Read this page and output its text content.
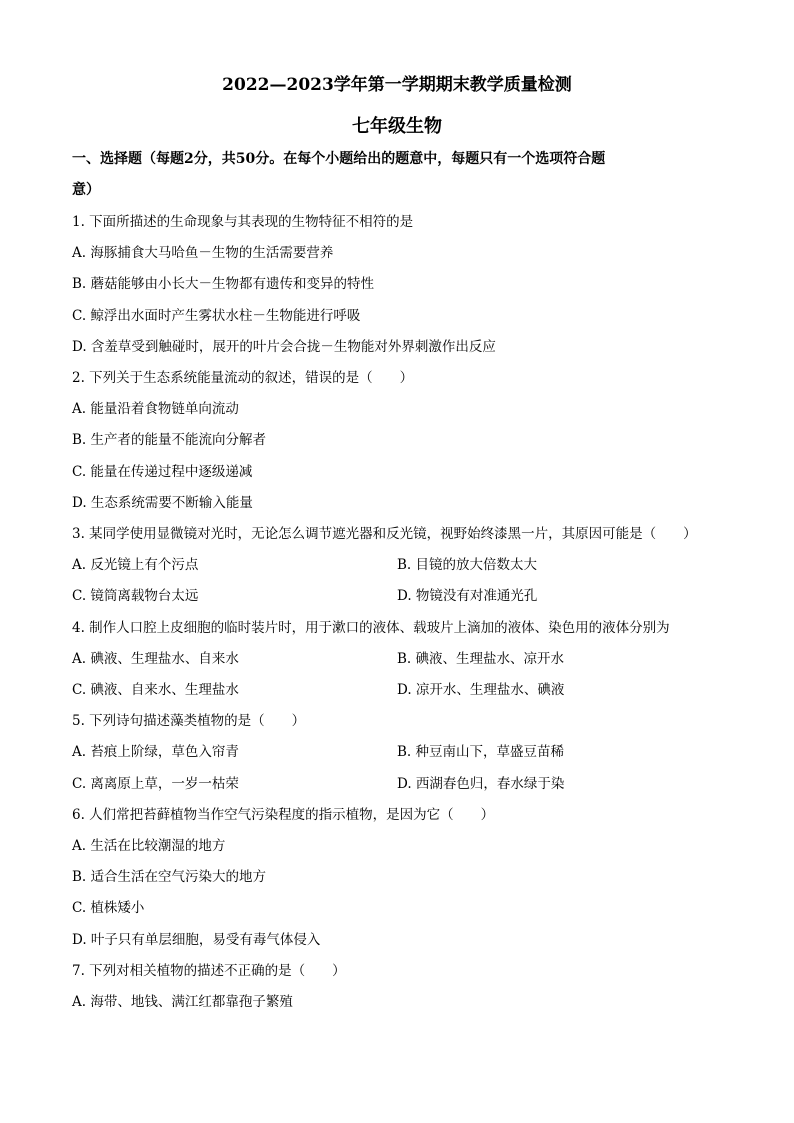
2022—2023学年第一学期期末教学质量检测
七年级生物
一、选择题（每题2分，共50分。在每个小题给出的题意中，每题只有一个选项符合题
意）
1. 下面所描述的生命现象与其表现的生物特征不相符的是
A. 海豚捕食大马哈鱼－生物的生活需要营养
B. 蘑菇能够由小长大－生物都有遗传和变异的特性
C. 鲸浮出水面时产生雾状水柱－生物能进行呼吸
D. 含羞草受到触碰时，展开的叶片会合拢－生物能对外界刺激作出反应
2. 下列关于生态系统能量流动的叙述，错误的是（　　）
A. 能量沿着食物链单向流动
B. 生产者的能量不能流向分解者
C. 能量在传递过程中逐级递减
D. 生态系统需要不断输入能量
3. 某同学使用显微镜对光时，无论怎么调节遮光器和反光镜，视野始终漆黑一片，其原因可能是（　　）
A. 反光镜上有个污点	B. 目镜的放大倍数太大
C. 镜筒离载物台太远	D. 物镜没有对准通光孔
4. 制作人口腔上皮细胞的临时装片时，用于漱口的液体、载玻片上滴加的液体、染色用的液体分别为
A. 碘液、生理盐水、自来水	B. 碘液、生理盐水、凉开水
C. 碘液、自来水、生理盐水	D. 凉开水、生理盐水、碘液
5. 下列诗句描述藻类植物的是（　　）
A. 苔痕上阶绿，草色入帘青	B. 种豆南山下，草盛豆苗稀
C. 离离原上草，一岁一枯荣	D. 西湖春色归，春水绿于染
6. 人们常把苔藓植物当作空气污染程度的指示植物，是因为它（　　）
A. 生活在比较潮湿的地方
B. 适合生活在空气污染大的地方
C. 植株矮小
D. 叶子只有单层细胞，易受有毒气体侵入
7. 下列对相关植物的描述不正确的是（　　）
A. 海带、地钱、满江红都靠孢子繁殖
